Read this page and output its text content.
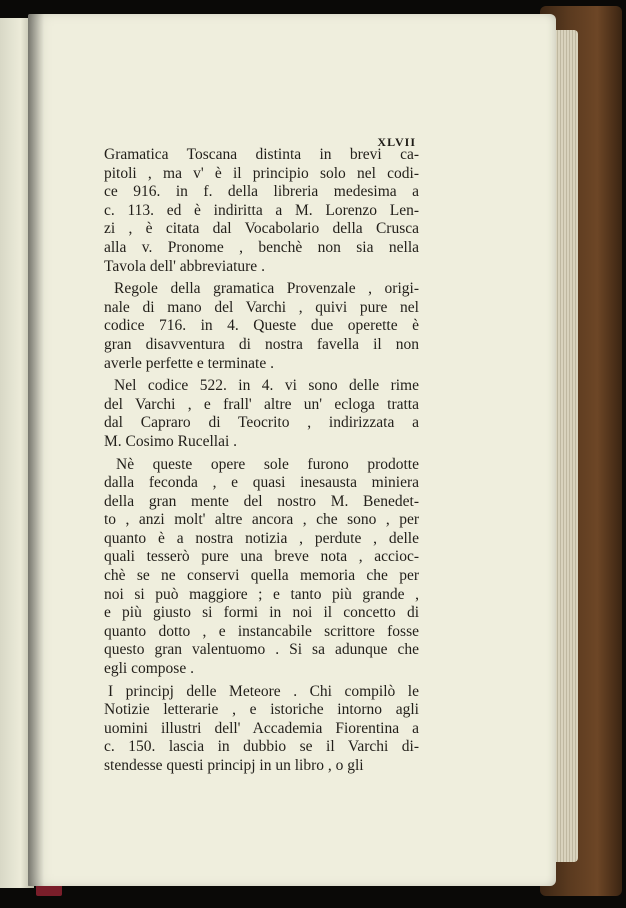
XLVII
Gramatica Toscana distinta in brevi ca-
pitoli , ma v' è il principio solo nel codi-
ce 916. in f. della libreria medesima a
c. 113. ed è indiritta a M. Lorenzo Len-
zi , è citata dal Vocabolario della Crusca
alla v. Pronome , benchè non sia nella
Tavola dell' abbreviature .
Regole della gramatica Provenzale , origi-
nale di mano del Varchi , quivi pure nel
codice 716. in 4. Queste due operette è
gran disavventura di nostra favella il non
averle perfette e terminate .
Nel codice 522. in 4. vi sono delle rime
del Varchi , e frall' altre un' ecloga tratta
dal Capraro di Teocrito , indirizzata a
M. Cosimo Rucellai .
Nè queste opere sole furono prodotte
dalla feconda , e quasi inesausta miniera
della gran mente del nostro M. Benedet-
to , anzi molt' altre ancora , che sono , per
quanto è a nostra notizia , perdute , delle
quali tesserò pure una breve nota , accioc-
chè se ne conservi quella memoria che per
noi si può maggiore ; e tanto più grande ,
e più giusto si formi in noi il concetto di
quanto dotto , e instancabile scrittore fosse
questo gran valentuomo . Si sa adunque che
egli compose .
I principj delle Meteore . Chi compilò le
Notizie letterarie , e istoriche intorno agli
uomini illustri dell' Accademia Fiorentina a
c. 150. lascia in dubbio se il Varchi di-
stendesse questi principj in un libro , o gli
